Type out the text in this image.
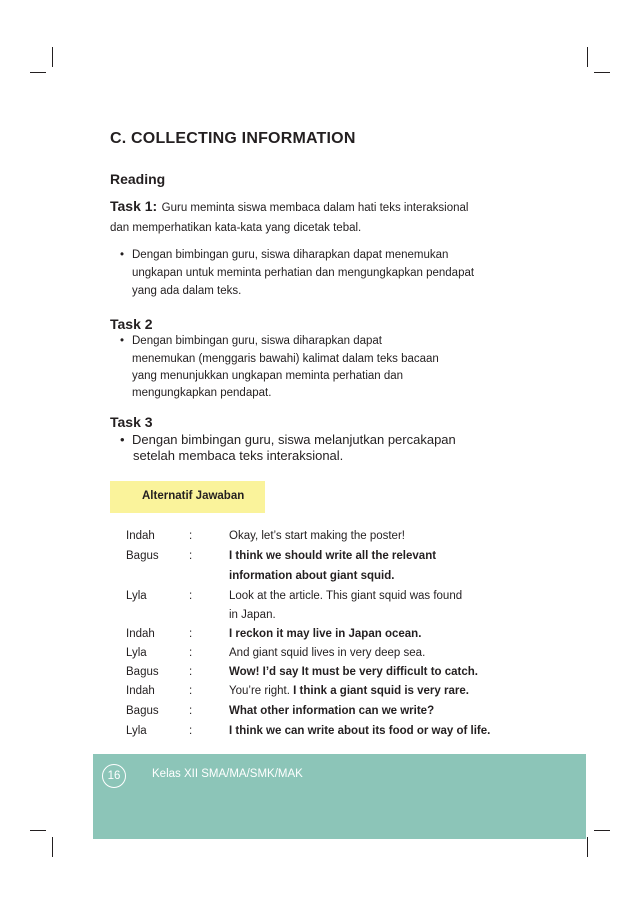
C. COLLECTING INFORMATION
Reading
Task 1: Guru meminta siswa membaca dalam hati teks interaksional
dan memperhatikan kata-kata yang dicetak tebal.
• Dengan bimbingan guru, siswa diharapkan dapat menemukan
ungkapan untuk meminta perhatian dan mengungkapkan pendapat
yang ada dalam teks.
Task 2
• Dengan bimbingan guru, siswa diharapkan dapat
menemukan (menggaris bawahi) kalimat dalam teks bacaan
yang menunjukkan ungkapan meminta perhatian dan
mengungkapkan pendapat.
Task 3
• Dengan bimbingan guru, siswa melanjutkan percakapan
setelah membaca teks interaksional.
Alternatif Jawaban
Indah	:	Okay, let’s start making the poster!
Bagus	:	I think we should write all the relevant
information about giant squid.
Lyla	:	Look at the article. This giant squid was found
in Japan.
Indah	:	I reckon it may live in Japan ocean.
Lyla	:	And giant squid lives in very deep sea.
Bagus	:	Wow! I’d say It must be very difficult to catch.
Indah	:	You’re right. I think a giant squid is very rare.
Bagus	:	What other information can we write?
Lyla	:	I think we can write about its food or way of life.
16	Kelas XII SMA/MA/SMK/MAK
